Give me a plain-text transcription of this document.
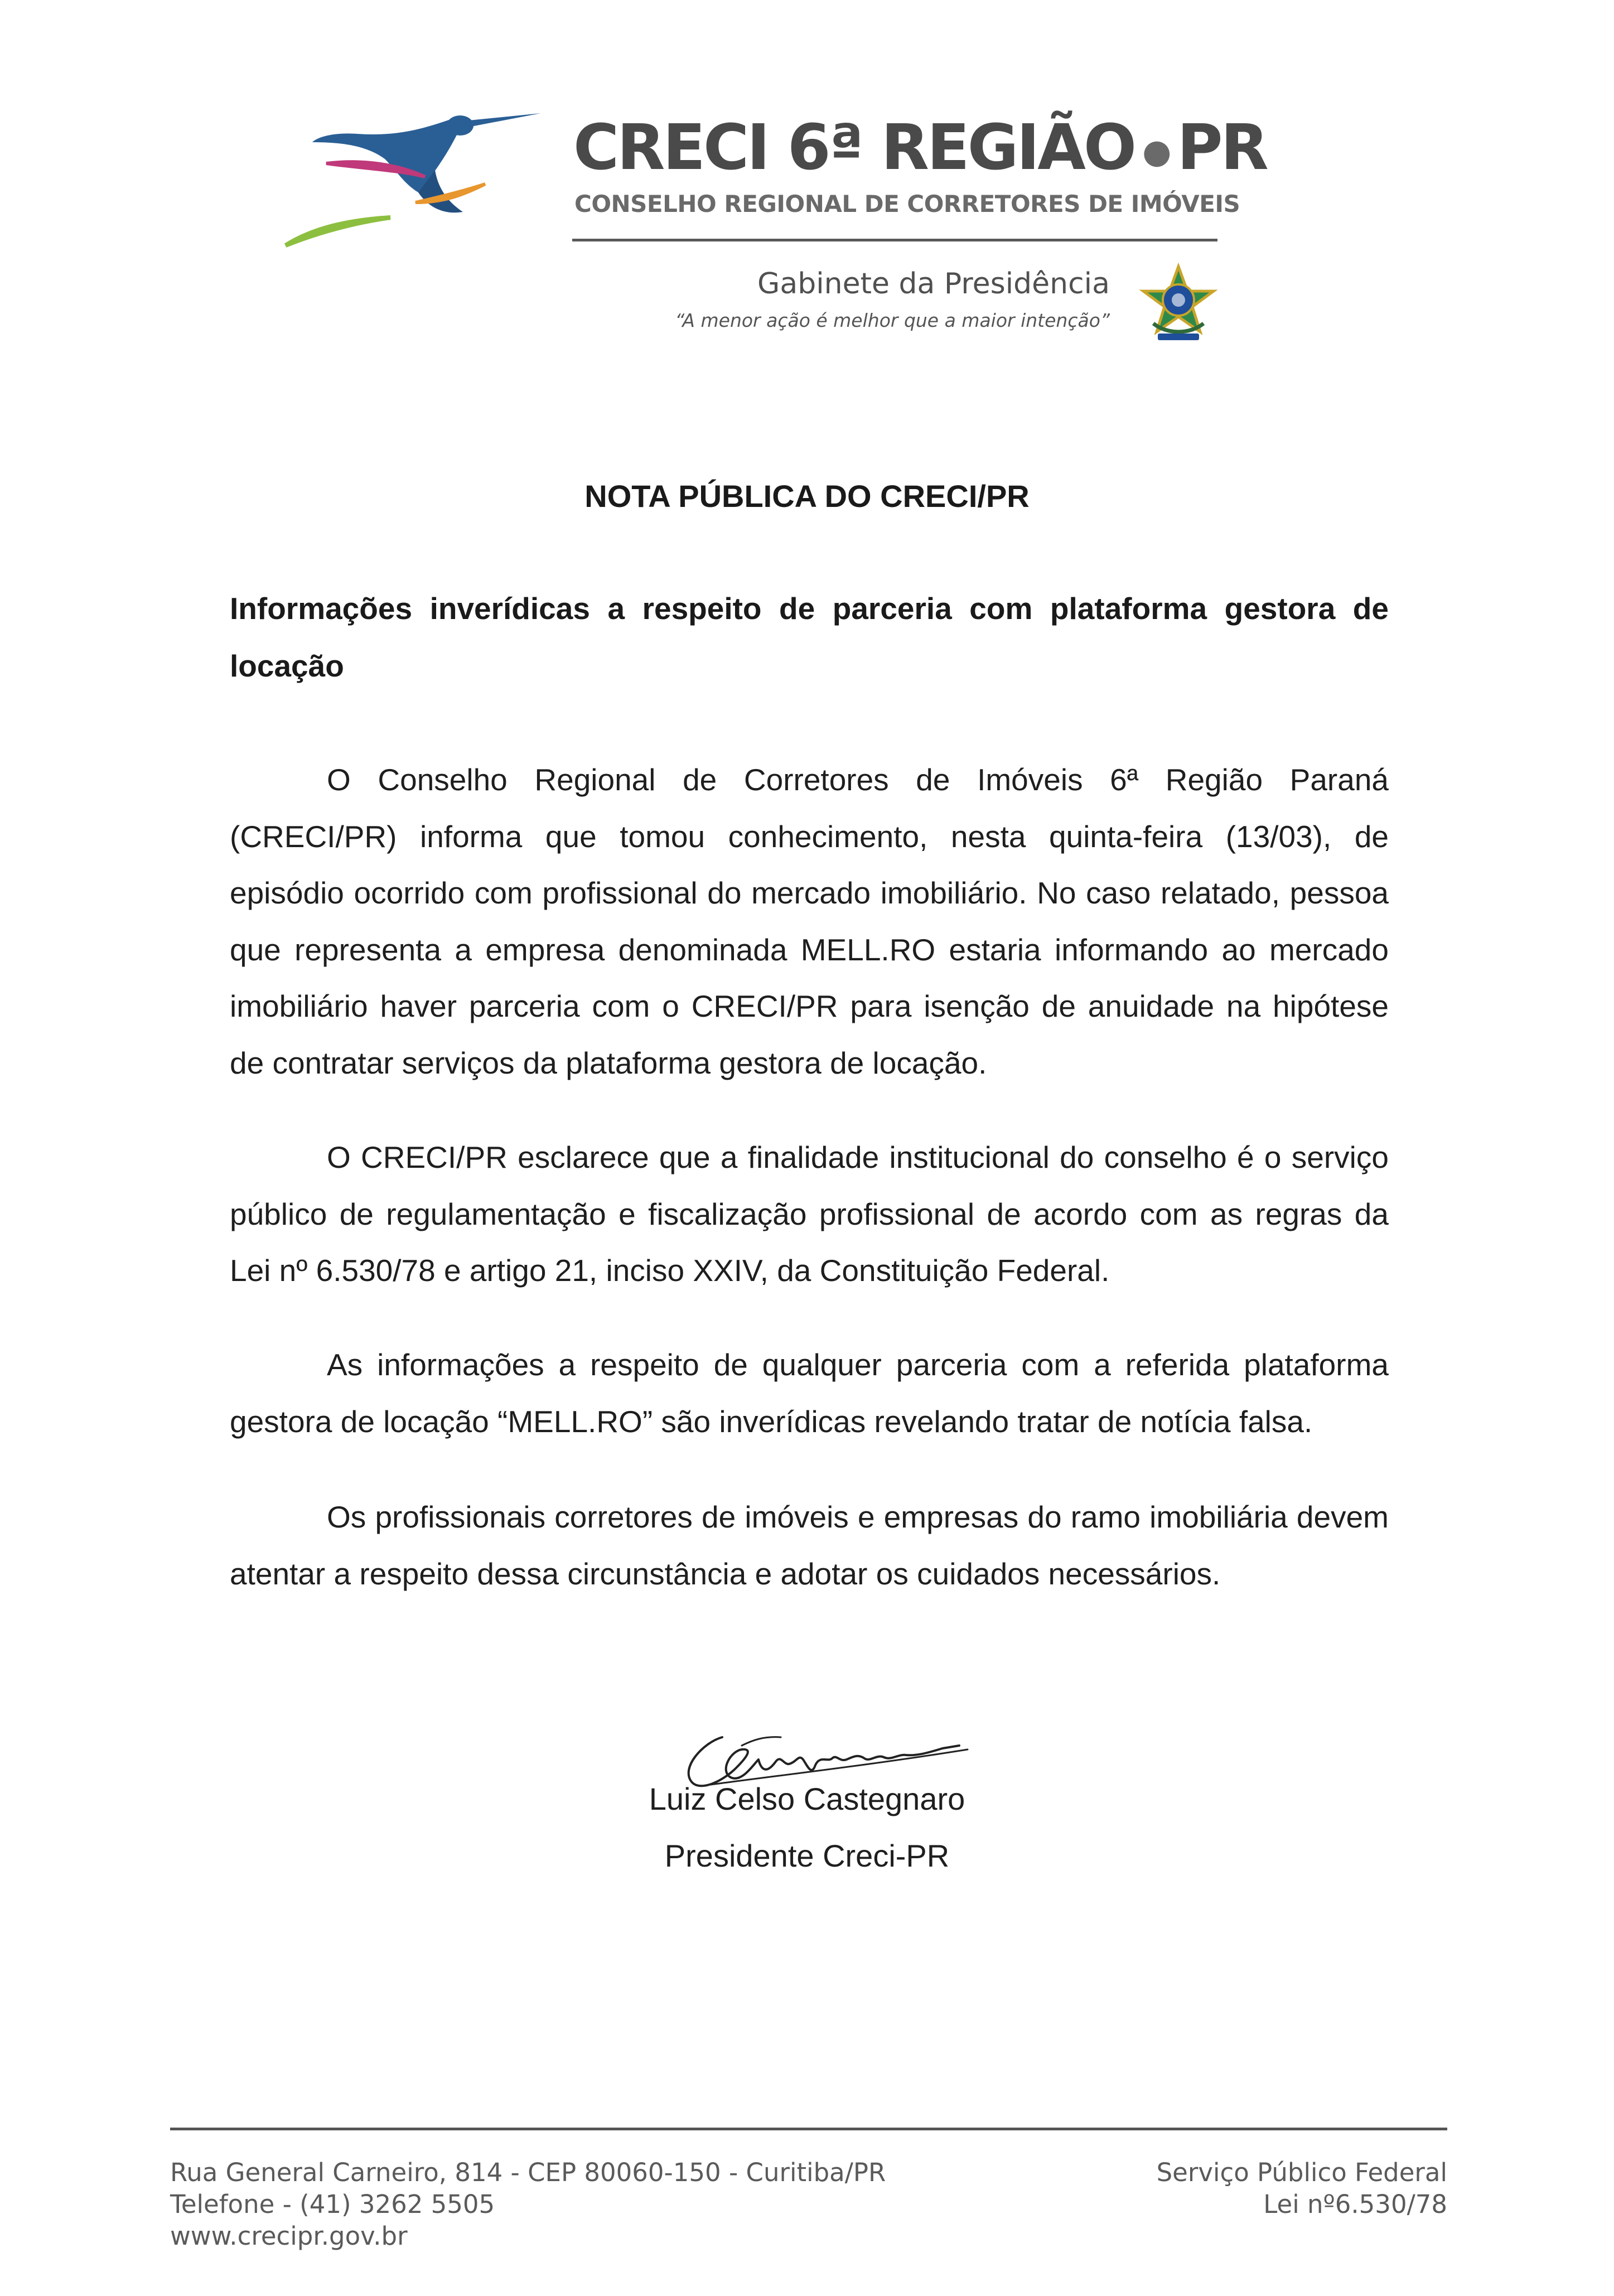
CRECI 6ª REGIÃO ● PR
CONSELHO REGIONAL DE CORRETORES DE IMÓVEIS
Gabinete da Presidência
“A menor ação é melhor que a maior intenção”
NOTA PÚBLICA DO CRECI/PR
Informações inverídicas a respeito de parceria com plataforma gestora de locação
O Conselho Regional de Corretores de Imóveis 6ª Região Paraná (CRECI/PR) informa que tomou conhecimento, nesta quinta-feira (13/03), de episódio ocorrido com profissional do mercado imobiliário. No caso relatado, pessoa que representa a empresa denominada MELL.RO estaria informando ao mercado imobiliário haver parceria com o CRECI/PR para isenção de anuidade na hipótese de contratar serviços da plataforma gestora de locação.
O CRECI/PR esclarece que a finalidade institucional do conselho é o serviço público de regulamentação e fiscalização profissional de acordo com as regras da Lei nº 6.530/78 e artigo 21, inciso XXIV, da Constituição Federal.
As informações a respeito de qualquer parceria com a referida plataforma gestora de locação “MELL.RO” são inverídicas revelando tratar de notícia falsa.
Os profissionais corretores de imóveis e empresas do ramo imobiliária devem atentar a respeito dessa circunstância e adotar os cuidados necessários.
Luiz Celso Castegnaro
Presidente Creci-PR
Rua General Carneiro, 814 - CEP 80060-150 - Curitiba/PR
Telefone - (41) 3262 5505
www.crecipr.gov.br
Serviço Público Federal
Lei nº6.530/78
